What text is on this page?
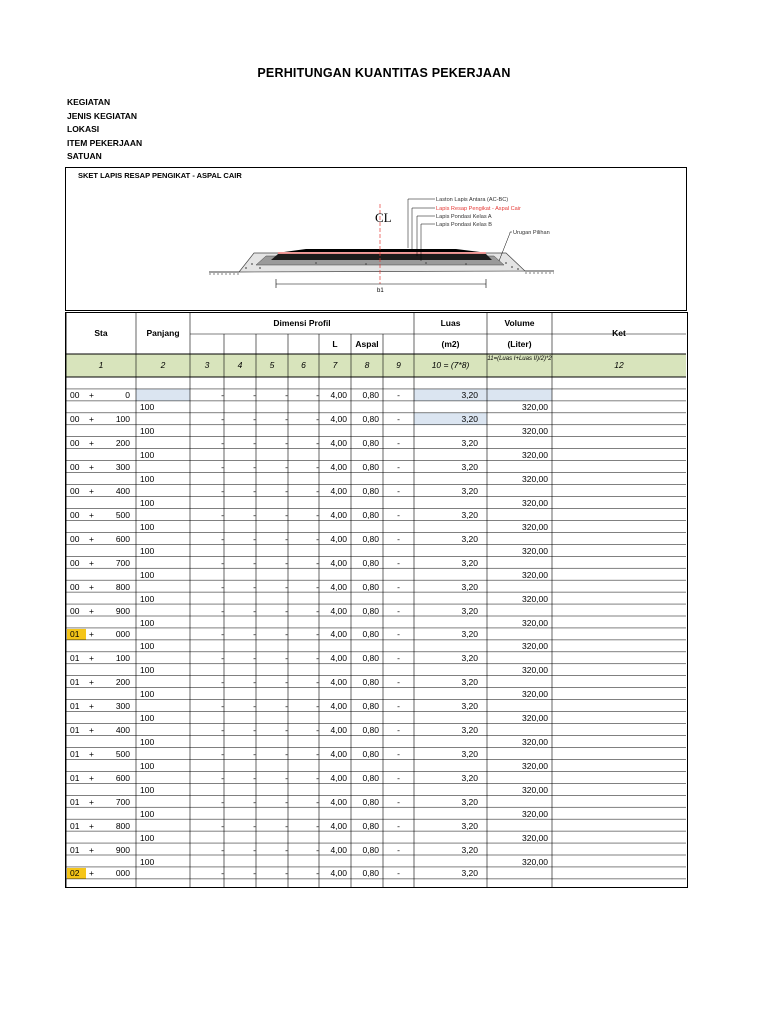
PERHITUNGAN KUANTITAS PEKERJAAN
KEGIATAN
JENIS KEGIATAN
LOKASI
ITEM PEKERJAAN
SATUAN
SKET LAPIS RESAP PENGIKAT - ASPAL CAIR
CL
b1
Laston Lapis Antara (AC-BC)
Lapis Resap Pengikat - Aspal Cair
Lapis Pondasi Kelas A
Lapis Pondasi Kelas B
Urugan Pilihan
Sta	Panjang
Dimensi Profil
L	Aspal
Luas
(m2)
Volume
(Liter)
Ket
1	2	3	4	5	6	7	8	9	10 = (7*8)
11=(Luas I+Luas II)/2)*2
12
00 +	0	-	-	-	-	4,00	0,80	-	3,20
100	320,00
00 +	100	-	-	-	-	4,00	0,80	-	3,20
100	320,00
00 +	200	-	-	-	-	4,00	0,80	-	3,20
100	320,00
00 +	300	-	-	-	-	4,00	0,80	-	3,20
100	320,00
00 +	400	-	-	-	-	4,00	0,80	-	3,20
100	320,00
00 +	500	-	-	-	-	4,00	0,80	-	3,20
100	320,00
00 +	600	-	-	-	-	4,00	0,80	-	3,20
100	320,00
00 +	700	-	-	-	-	4,00	0,80	-	3,20
100	320,00
00 +	800	-	-	-	-	4,00	0,80	-	3,20
100	320,00
00 +	900	-	-	-	-	4,00	0,80	-	3,20
100	320,00
01 +	000	-	-	-	-	4,00	0,80	-	3,20
100	320,00
01 +	100	-	-	-	-	4,00	0,80	-	3,20
100	320,00
01 +	200	-	-	-	-	4,00	0,80	-	3,20
100	320,00
01 +	300	-	-	-	-	4,00	0,80	-	3,20
100	320,00
01 +	400	-	-	-	-	4,00	0,80	-	3,20
100	320,00
01 +	500	-	-	-	-	4,00	0,80	-	3,20
100	320,00
01 +	600	-	-	-	-	4,00	0,80	-	3,20
100	320,00
01 +	700	-	-	-	-	4,00	0,80	-	3,20
100	320,00
01 +	800	-	-	-	-	4,00	0,80	-	3,20
100	320,00
01 +	900	-	-	-	-	4,00	0,80	-	3,20
100	320,00
02 +	000	-	-	-	-	4,00	0,80	-	3,20
